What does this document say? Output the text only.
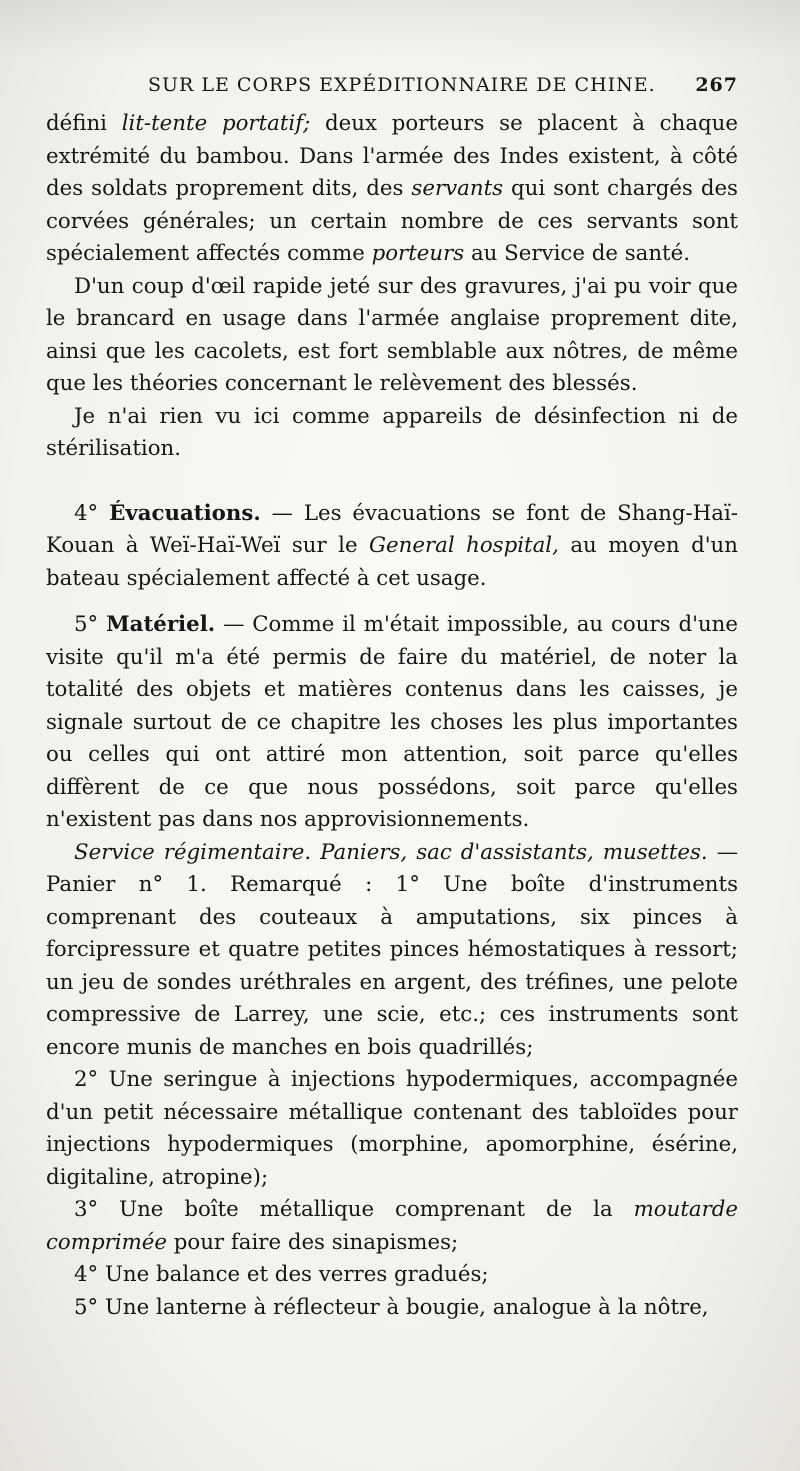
SUR LE CORPS EXPÉDITIONNAIRE DE CHINE. 267

défini lit-tente portatif; deux porteurs se placent à chaque extrémité du bambou. Dans l'armée des Indes existent, à côté des soldats proprement dits, des servants qui sont chargés des corvées générales; un certain nombre de ces servants sont spécialement affectés comme porteurs au Service de santé.

D'un coup d'œil rapide jeté sur des gravures, j'ai pu voir que le brancard en usage dans l'armée anglaise proprement dite, ainsi que les cacolets, est fort semblable aux nôtres, de même que les théories concernant le relèvement des blessés.

Je n'ai rien vu ici comme appareils de désinfection ni de stérilisation.

4° Évacuations. — Les évacuations se font de Shang-Haï-Kouan à Weï-Haï-Weï sur le General hospital, au moyen d'un bateau spécialement affecté à cet usage.

5° Matériel. — Comme il m'était impossible, au cours d'une visite qu'il m'a été permis de faire du matériel, de noter la totalité des objets et matières contenus dans les caisses, je signale surtout de ce chapitre les choses les plus importantes ou celles qui ont attiré mon attention, soit parce qu'elles diffèrent de ce que nous possédons, soit parce qu'elles n'existent pas dans nos approvisionnements.

Service régimentaire. Paniers, sac d'assistants, musettes. — Panier n° 1. Remarqué : 1° Une boîte d'instruments comprenant des couteaux à amputations, six pinces à forcipressure et quatre petites pinces hémostatiques à ressort; un jeu de sondes uréthrales en argent, des tréfines, une pelote compressive de Larrey, une scie, etc.; ces instruments sont encore munis de manches en bois quadrillés;

2° Une seringue à injections hypodermiques, accompagnée d'un petit nécessaire métallique contenant des tabloïdes pour injections hypodermiques (morphine, apomorphine, ésérine, digitaline, atropine);

3° Une boîte métallique comprenant de la moutarde comprimée pour faire des sinapismes;

4° Une balance et des verres gradués;

5° Une lanterne à réflecteur à bougie, analogue à la nôtre,
